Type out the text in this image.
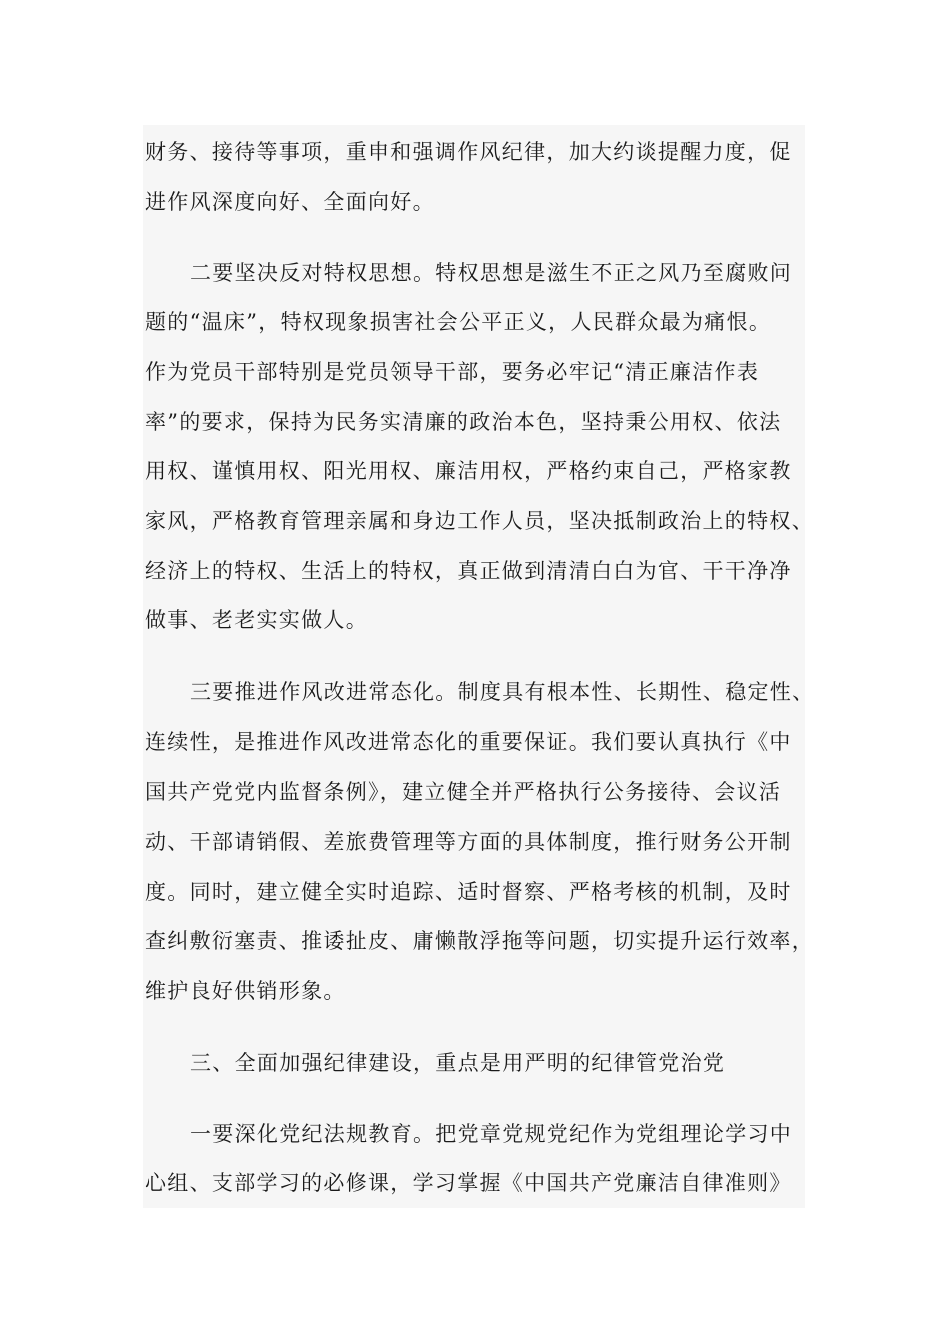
财务、接待等事项，重申和强调作风纪律，加大约谈提醒力度，促
进作风深度向好、全面向好。
二要坚决反对特权思想。特权思想是滋生不正之风乃至腐败问
题的“温床”，特权现象损害社会公平正义，人民群众最为痛恨。
作为党员干部特别是党员领导干部，要务必牢记“清正廉洁作表
率”的要求，保持为民务实清廉的政治本色，坚持秉公用权、依法
用权、谨慎用权、阳光用权、廉洁用权，严格约束自己，严格家教
家风，严格教育管理亲属和身边工作人员，坚决抵制政治上的特权、
经济上的特权、生活上的特权，真正做到清清白白为官、干干净净
做事、老老实实做人。
三要推进作风改进常态化。制度具有根本性、长期性、稳定性、
连续性，是推进作风改进常态化的重要保证。我们要认真执行《中
国共产党党内监督条例》，建立健全并严格执行公务接待、会议活
动、干部请销假、差旅费管理等方面的具体制度，推行财务公开制
度。同时，建立健全实时追踪、适时督察、严格考核的机制，及时
查纠敷衍塞责、推诿扯皮、庸懒散浮拖等问题，切实提升运行效率，
维护良好供销形象。
三、全面加强纪律建设，重点是用严明的纪律管党治党
一要深化党纪法规教育。把党章党规党纪作为党组理论学习中
心组、支部学习的必修课，学习掌握《中国共产党廉洁自律准则》
